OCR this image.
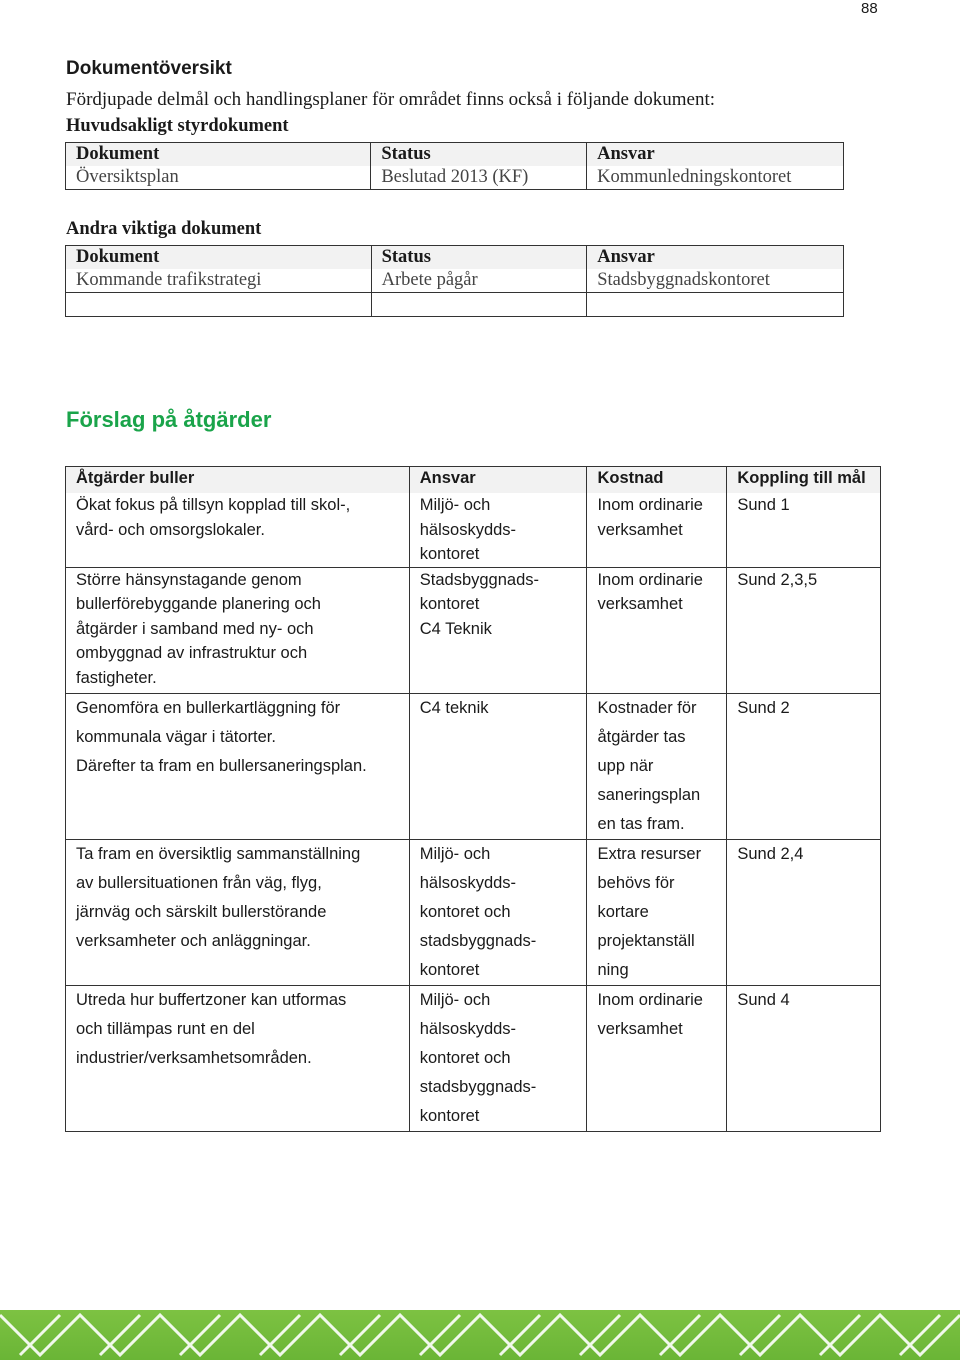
88
Dokumentöversikt
Fördjupade delmål och handlingsplaner för området finns också i följande dokument:
Huvudsakligt styrdokument
Dokument	Status	Ansvar
Översiktsplan	Beslutad 2013 (KF)	Kommunledningskontoret
Andra viktiga dokument
Dokument	Status	Ansvar
Kommande trafikstrategi	Arbete pågår	Stadsbyggnadskontoret

Förslag på åtgärder
Åtgärder buller	Ansvar	Kostnad	Koppling till mål

Ökat fokus på tillsyn kopplad till skol-,
vård- och omsorgslokaler.	Miljö- och
hälsoskydds-
kontoret	Inom ordinarie
verksamhet	Sund 1

Större hänsynstagande genom
bullerförebyggande planering och
åtgärder i samband med ny- och
ombyggnad av infrastruktur och
fastigheter.	Stadsbyggnads-
kontoret
C4 Teknik	Inom ordinarie
verksamhet	Sund 2,3,5

Genomföra en bullerkartläggning för
kommunala vägar i tätorter.
Därefter ta fram en bullersaneringsplan.	C4 teknik	Kostnader för
åtgärder tas
upp när
saneringsplan
en tas fram.	Sund 2

Ta fram en översiktlig sammanställning
av bullersituationen från väg, flyg,
järnväg och särskilt bullerstörande
verksamheter och anläggningar.	Miljö- och
hälsoskydds-
kontoret och
stadsbyggnads-
kontoret	Extra resurser
behövs för
kortare
projektanställ
ning	Sund 2,4

Utreda hur buffertzoner kan utformas
och tillämpas runt en del
industrier/verksamhetsområden.	Miljö- och
hälsoskydds-
kontoret och
stadsbyggnads-
kontoret	Inom ordinarie
verksamhet	Sund 4
